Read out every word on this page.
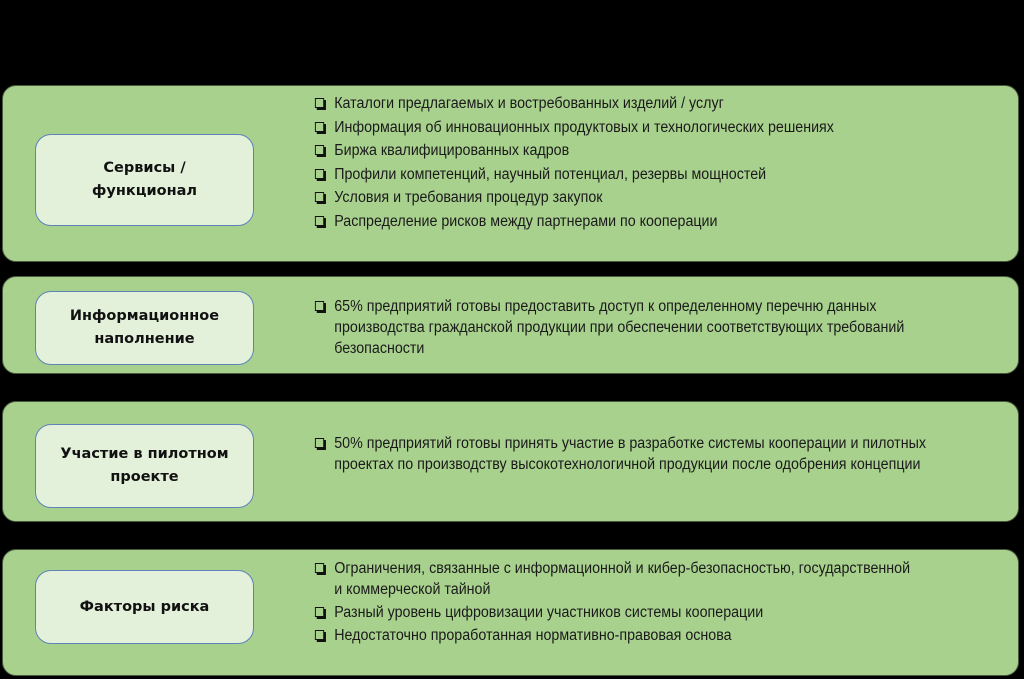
Сервисы /
функционал
Каталоги предлагаемых и востребованных изделий / услуг
Информация об инновационных продуктовых и технологических решениях
Биржа квалифицированных кадров
Профили компетенций, научный потенциал, резервы мощностей
Условия и требования процедур закупок
Распределение рисков между партнерами по кооперации
Информационное
наполнение
65% предприятий готовы предоставить доступ к определенному перечню данных производства гражданской продукции при обеспечении соответствующих требований безопасности
Участие в пилотном
проекте
50% предприятий готовы принять участие в разработке системы кооперации и пилотных проектах по производству высокотехнологичной продукции после одобрения концепции
Факторы риска
Ограничения, связанные с информационной и кибер-безопасностью, государственной и коммерческой тайной
Разный уровень цифровизации участников системы кооперации
Недостаточно проработанная нормативно-правовая основа
